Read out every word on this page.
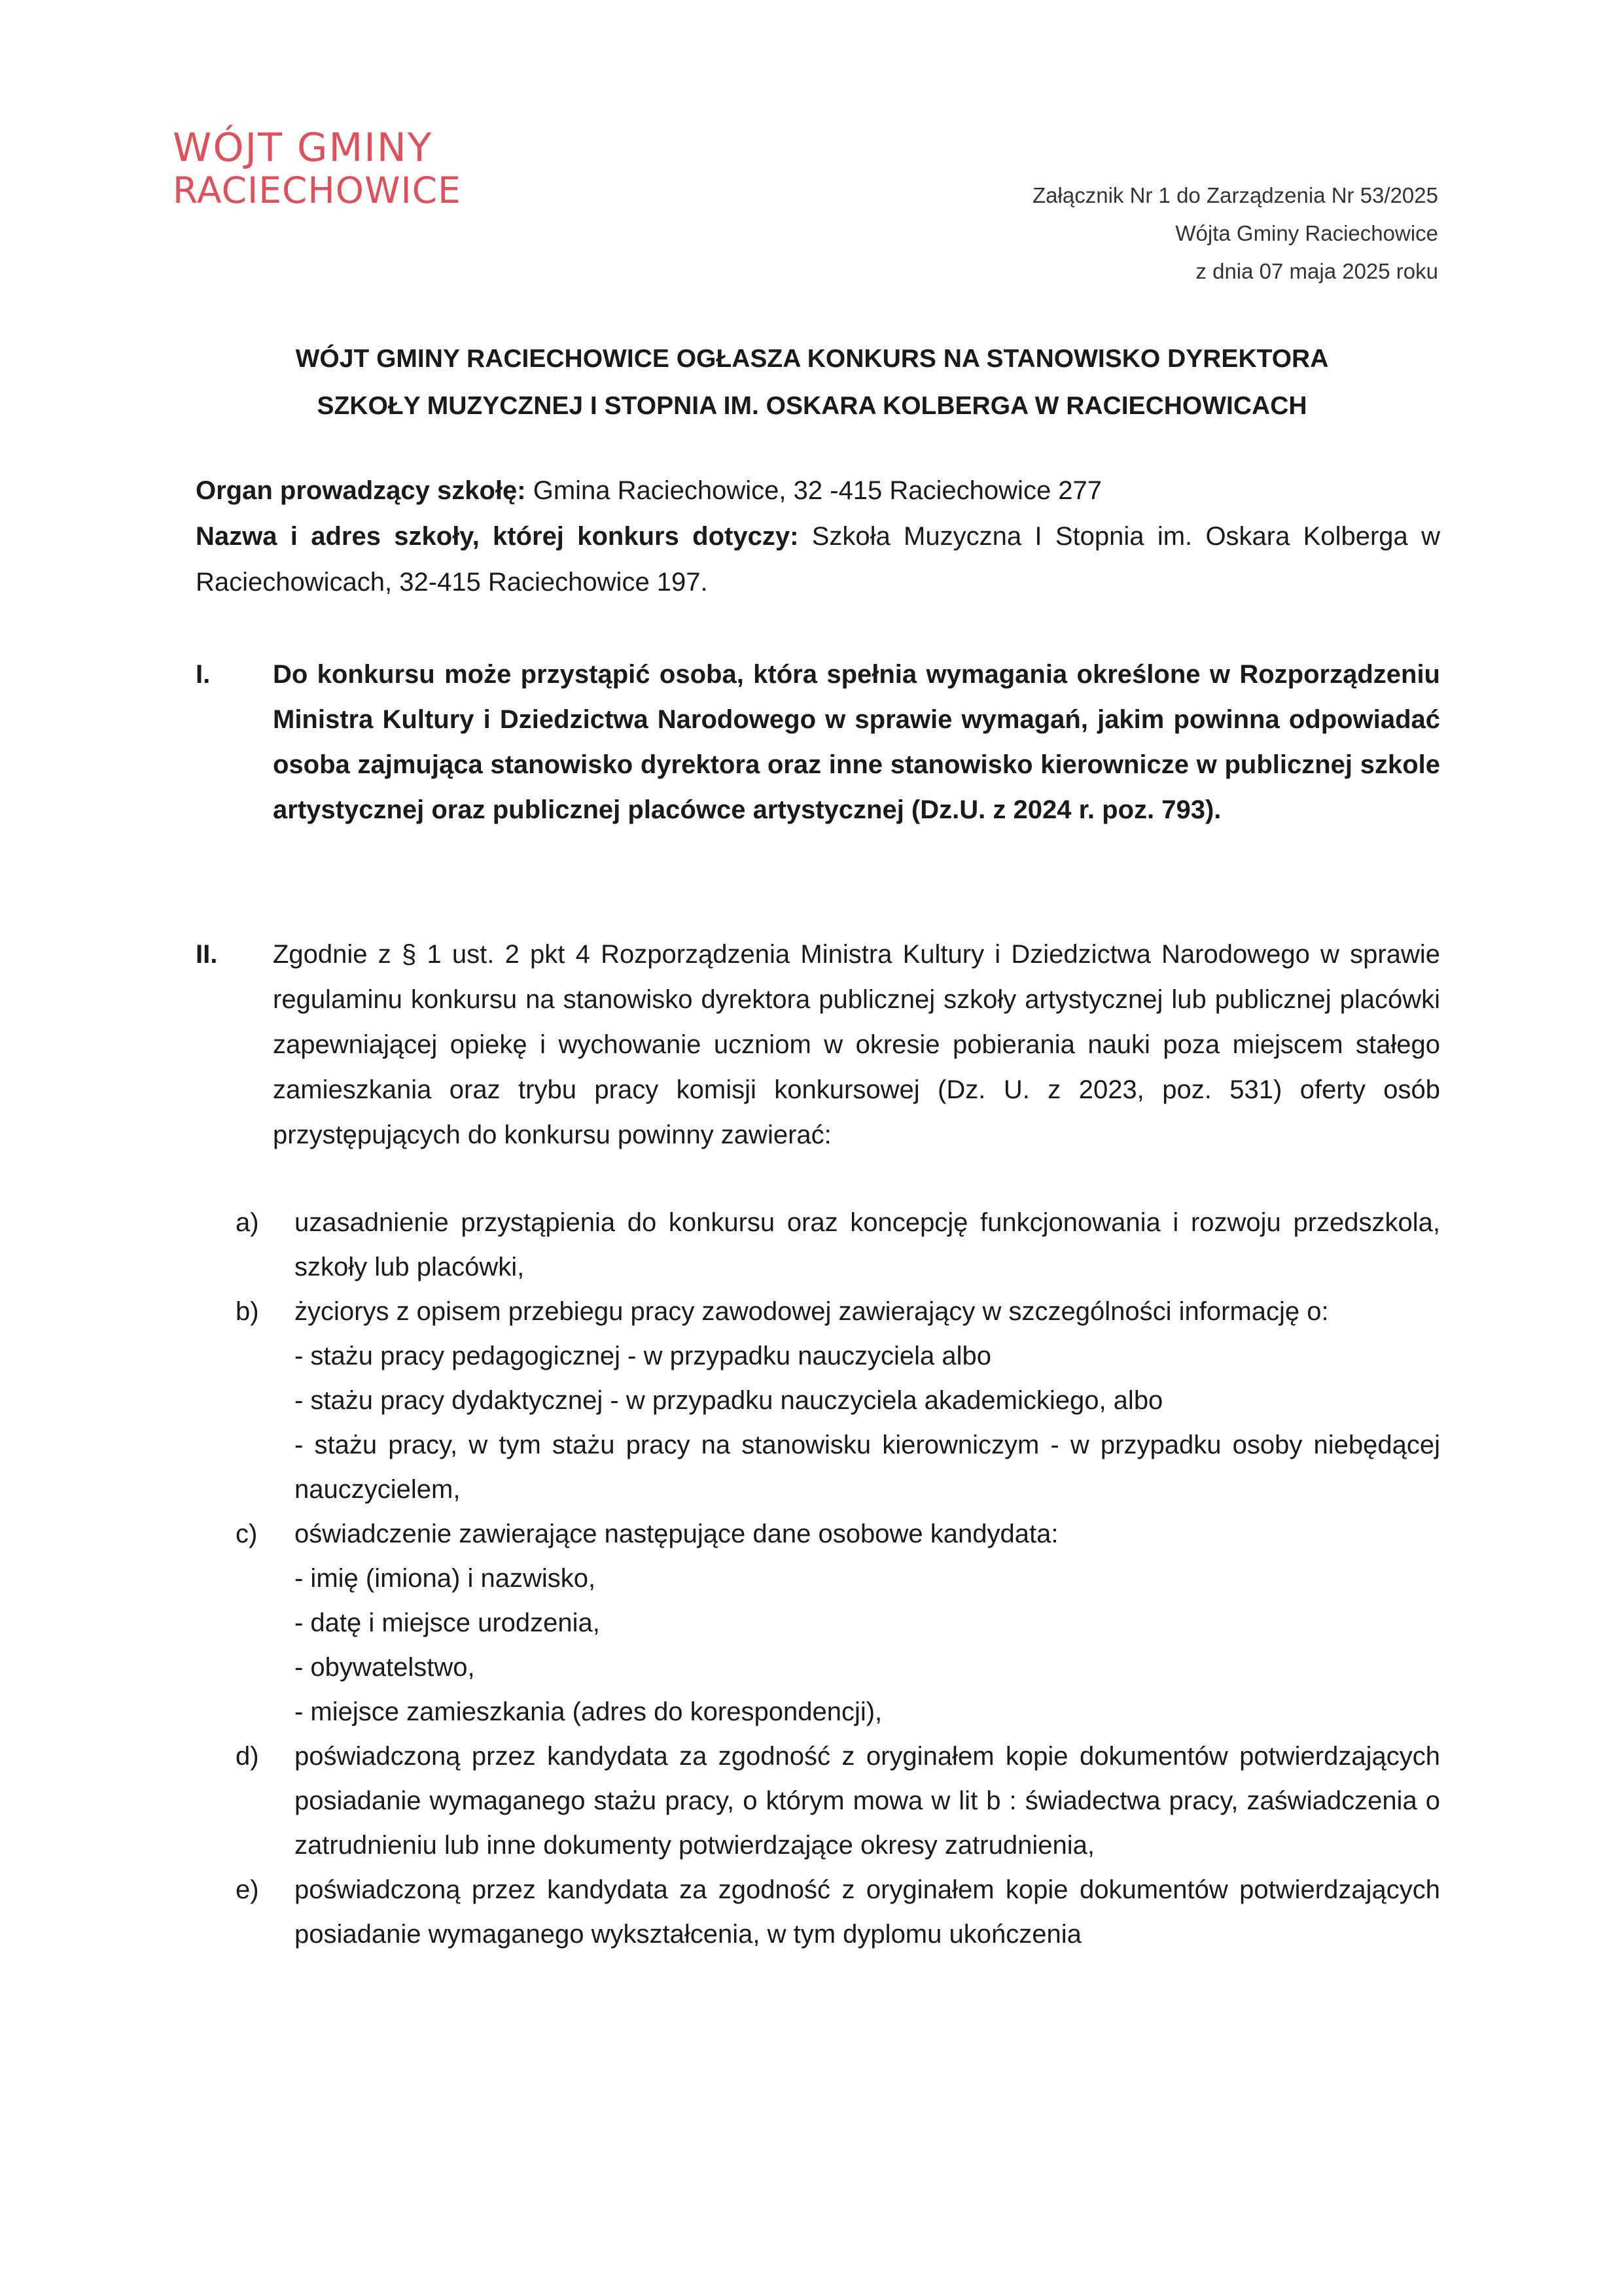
WÓJT GMINY
RACIECHOWICE	Załącznik Nr 1 do Zarządzenia Nr 53/2025
Wójta Gminy Raciechowice
z dnia 07 maja 2025 roku
WÓJT GMINY RACIECHOWICE OGŁASZA KONKURS NA STANOWISKO DYREKTORA
SZKOŁY MUZYCZNEJ I STOPNIA IM. OSKARA KOLBERGA W RACIECHOWICACH
Organ prowadzący szkołę: Gmina Raciechowice, 32 -415 Raciechowice 277
Nazwa i adres szkoły, której konkurs dotyczy: Szkoła Muzyczna I Stopnia im. Oskara Kolberga w Raciechowicach, 32-415 Raciechowice 197.
I. Do konkursu może przystąpić osoba, która spełnia wymagania określone w Rozporządzeniu Ministra Kultury i Dziedzictwa Narodowego w sprawie wymagań, jakim powinna odpowiadać osoba zajmująca stanowisko dyrektora oraz inne stanowisko kierownicze w publicznej szkole artystycznej oraz publicznej placówce artystycznej (Dz.U. z 2024 r. poz. 793).
II. Zgodnie z § 1 ust. 2 pkt 4 Rozporządzenia Ministra Kultury i Dziedzictwa Narodowego w sprawie regulaminu konkursu na stanowisko dyrektora publicznej szkoły artystycznej lub publicznej placówki zapewniającej opiekę i wychowanie uczniom w okresie pobierania nauki poza miejscem stałego zamieszkania oraz trybu pracy komisji konkursowej (Dz. U. z 2023, poz. 531) oferty osób przystępujących do konkursu powinny zawierać:
a) uzasadnienie przystąpienia do konkursu oraz koncepcję funkcjonowania i rozwoju przedszkola, szkoły lub placówki,
b) życiorys z opisem przebiegu pracy zawodowej zawierający w szczególności informację o:
- stażu pracy pedagogicznej - w przypadku nauczyciela albo
- stażu pracy dydaktycznej - w przypadku nauczyciela akademickiego, albo
- stażu pracy, w tym stażu pracy na stanowisku kierowniczym - w przypadku osoby niebędącej nauczycielem,
c) oświadczenie zawierające następujące dane osobowe kandydata:
- imię (imiona) i nazwisko,
- datę i miejsce urodzenia,
- obywatelstwo,
- miejsce zamieszkania (adres do korespondencji),
d) poświadczoną przez kandydata za zgodność z oryginałem kopie dokumentów potwierdzających posiadanie wymaganego stażu pracy, o którym mowa w lit b : świadectwa pracy, zaświadczenia o zatrudnieniu lub inne dokumenty potwierdzające okresy zatrudnienia,
e) poświadczoną przez kandydata za zgodność z oryginałem kopie dokumentów potwierdzających posiadanie wymaganego wykształcenia, w tym dyplomu ukończenia
